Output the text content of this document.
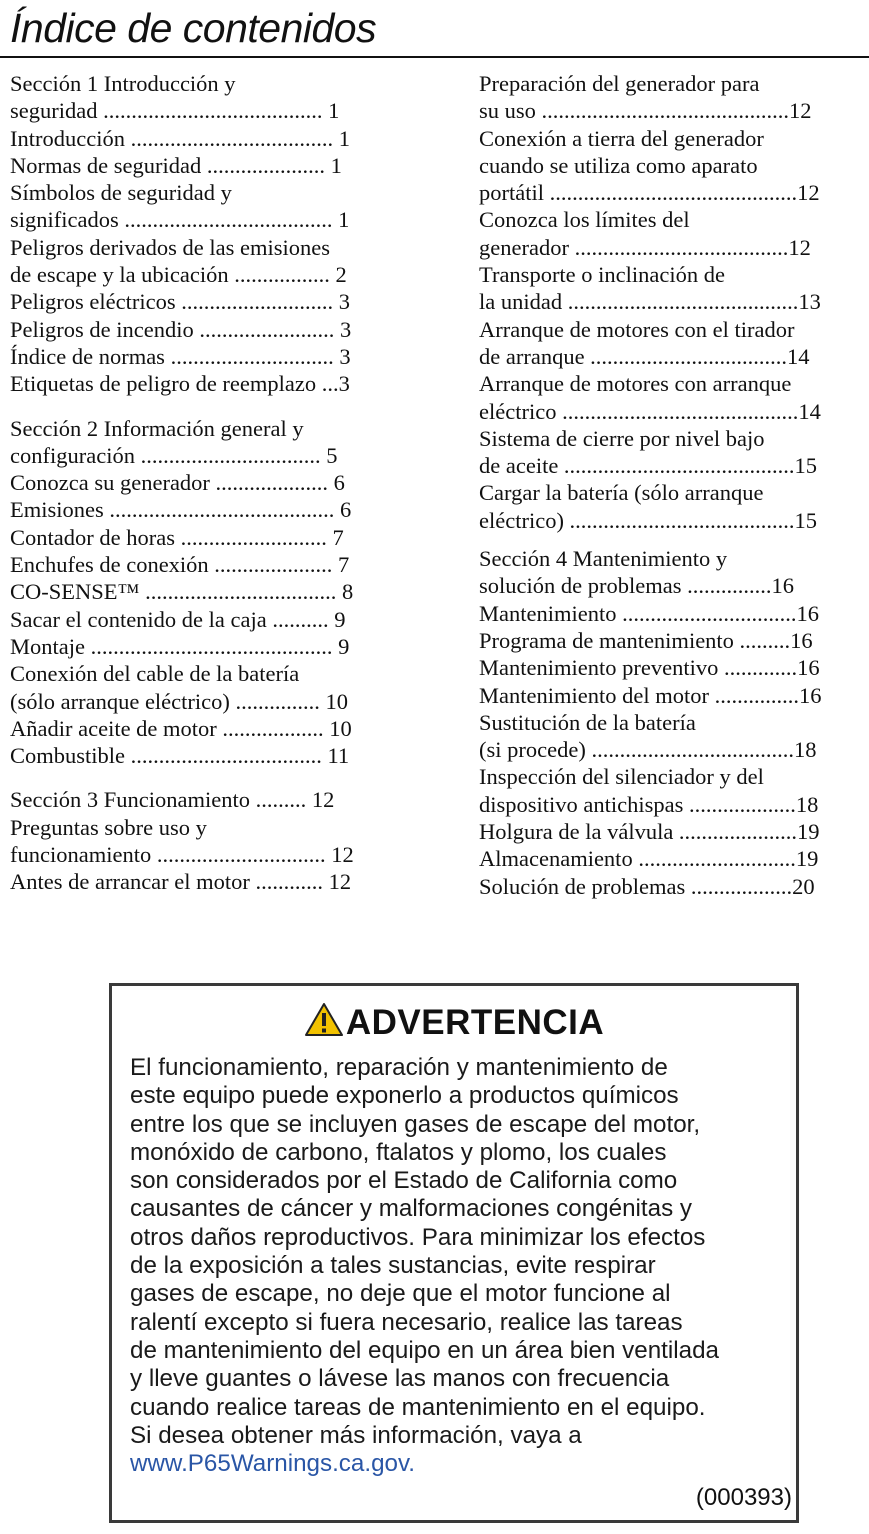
Índice de contenidos
Sección 1 Introducción y
seguridad ....................................... 1
Introducción .................................... 1
Normas de seguridad ..................... 1
Símbolos de seguridad y
significados ..................................... 1
Peligros derivados de las emisiones
de escape y la ubicación ................. 2
Peligros eléctricos ........................... 3
Peligros de incendio ........................ 3
Índice de normas ............................. 3
Etiquetas de peligro de reemplazo ...3
Sección 2 Información general y
configuración ................................ 5
Conozca su generador .................... 6
Emisiones ........................................ 6
Contador de horas .......................... 7
Enchufes de conexión ..................... 7
CO-SENSE™ .................................. 8
Sacar el contenido de la caja .......... 9
Montaje ........................................... 9
Conexión del cable de la batería
(sólo arranque eléctrico) ............... 10
Añadir aceite de motor .................. 10
Combustible .................................. 11
Sección 3 Funcionamiento ......... 12
Preguntas sobre uso y
funcionamiento .............................. 12
Antes de arrancar el motor ............ 12
Preparación del generador para
su uso ............................................12
Conexión a tierra del generador
cuando se utiliza como aparato
portátil ............................................12
Conozca los límites del
generador ......................................12
Transporte o inclinación de
la unidad .........................................13
Arranque de motores con el tirador
de arranque ...................................14
Arranque de motores con arranque
eléctrico ..........................................14
Sistema de cierre por nivel bajo
de aceite .........................................15
Cargar la batería (sólo arranque
eléctrico) ........................................15
Sección 4 Mantenimiento y
solución de problemas ...............16
Mantenimiento ...............................16
Programa de mantenimiento .........16
Mantenimiento preventivo .............16
Mantenimiento del motor ...............16
Sustitución de la batería
(si procede) ....................................18
Inspección del silenciador y del
dispositivo antichispas ...................18
Holgura de la válvula .....................19
Almacenamiento ............................19
Solución de problemas ..................20
ADVERTENCIA
El funcionamiento, reparación y mantenimiento de
este equipo puede exponerlo a productos químicos
entre los que se incluyen gases de escape del motor,
monóxido de carbono, ftalatos y plomo, los cuales
son considerados por el Estado de California como
causantes de cáncer y malformaciones congénitas y
otros daños reproductivos. Para minimizar los efectos
de la exposición a tales sustancias, evite respirar
gases de escape, no deje que el motor funcione al
ralentí excepto si fuera necesario, realice las tareas
de mantenimiento del equipo en un área bien ventilada
y lleve guantes o lávese las manos con frecuencia
cuando realice tareas de mantenimiento en el equipo.
Si desea obtener más información, vaya a
www.P65Warnings.ca.gov.
(000393)
